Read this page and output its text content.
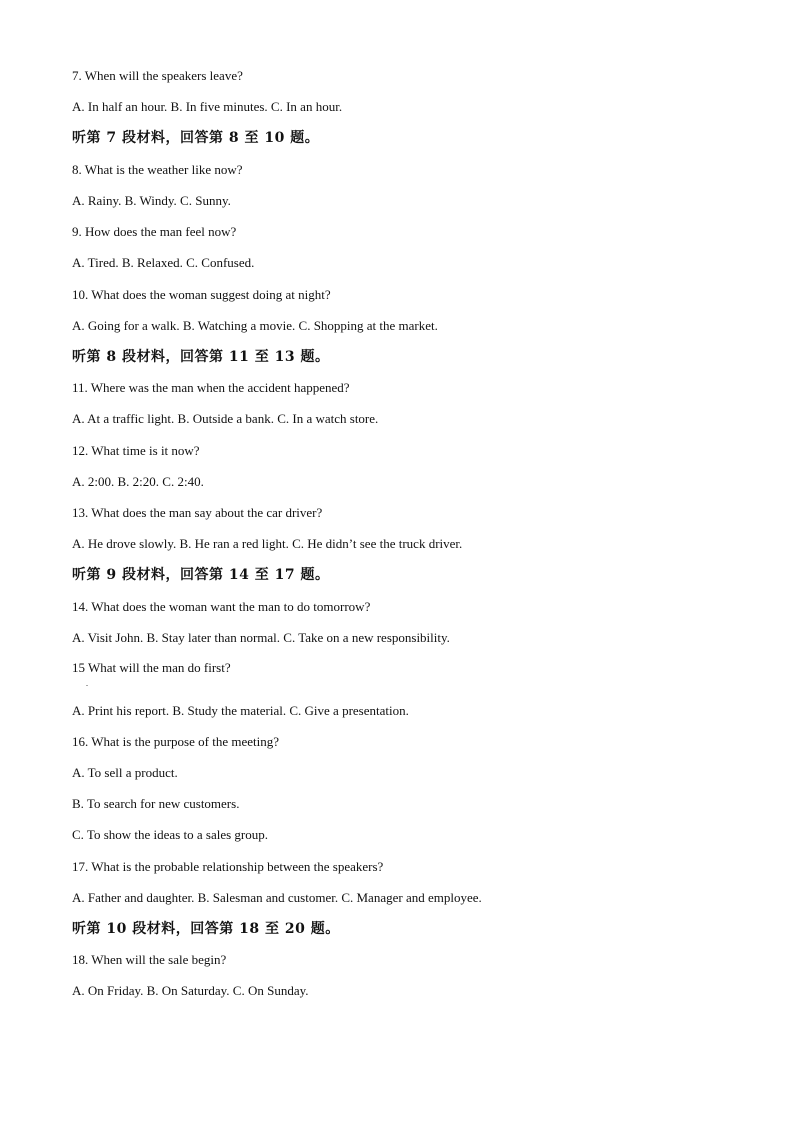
7. When will the speakers leave?
A. In half an hour. B. In five minutes. C. In an hour.
听第 7 段材料，回答第 8 至 10 题。
8. What is the weather like now?
A. Rainy. B. Windy. C. Sunny.
9. How does the man feel now?
A. Tired. B. Relaxed. C. Confused.
10. What does the woman suggest doing at night?
A. Going for a walk. B. Watching a movie. C. Shopping at the market.
听第 8 段材料，回答第 11 至 13 题。
11. Where was the man when the accident happened?
A. At a traffic light. B. Outside a bank. C. In a watch store.
12. What time is it now?
A. 2:00. B. 2:20. C. 2:40.
13. What does the man say about the car driver?
A. He drove slowly. B. He ran a red light. C. He didn’t see the truck driver.
听第 9 段材料，回答第 14 至 17 题。
14. What does the woman want the man to do tomorrow?
A. Visit John. B. Stay later than normal. C. Take on a new responsibility.
15 What will the man do first?
.
A. Print his report. B. Study the material. C. Give a presentation.
16. What is the purpose of the meeting?
A. To sell a product.
B. To search for new customers.
C. To show the ideas to a sales group.
17. What is the probable relationship between the speakers?
A. Father and daughter. B. Salesman and customer. C. Manager and employee.
听第 10 段材料，回答第 18 至 20 题。
18. When will the sale begin?
A. On Friday. B. On Saturday. C. On Sunday.
